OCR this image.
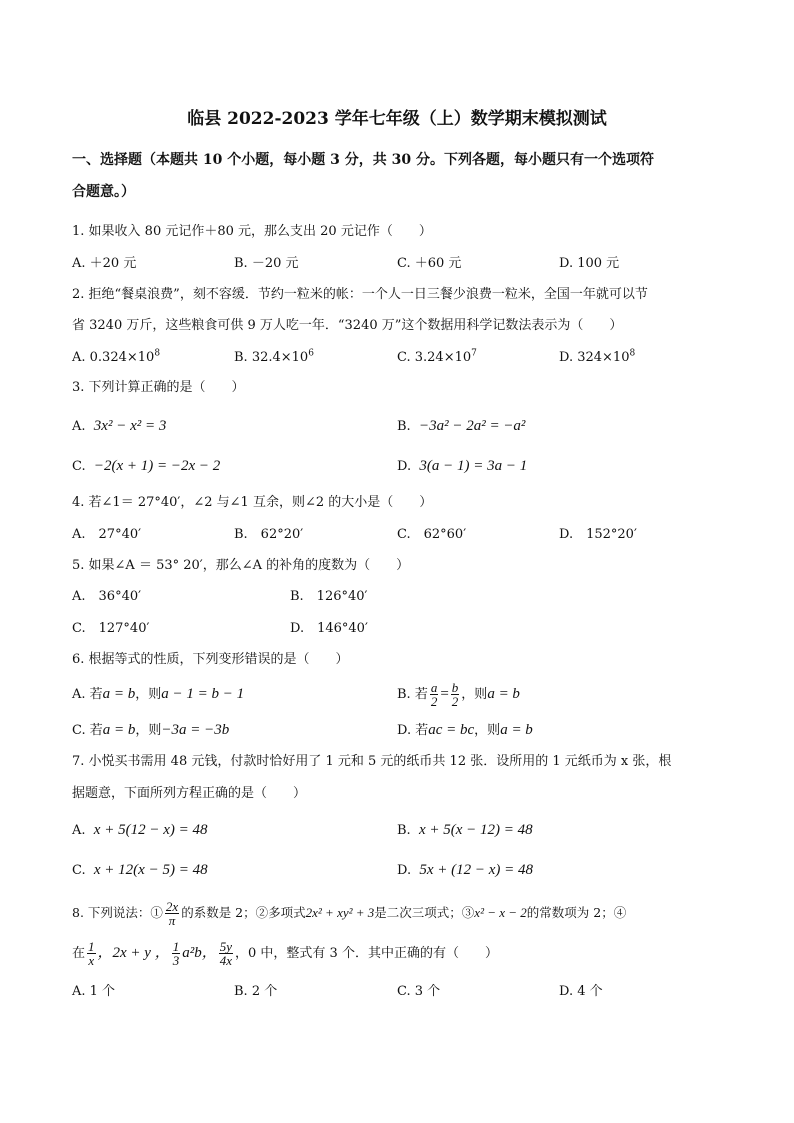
临县 2022-2023 学年七年级（上）数学期末模拟测试
一、选择题（本题共 10 个小题，每小题 3 分，共 30 分。下列各题，每小题只有一个选项符
合题意。）
1. 如果收入 80 元记作＋80 元，那么支出 20 元记作（　　）
A. ＋20 元	B. －20 元	C. ＋60 元	D. 100 元
2. 拒绝“餐桌浪费”，刻不容缓．节约一粒米的帐：一个人一日三餐少浪费一粒米，全国一年就可以节
省 3240 万斤，这些粮食可供 9 万人吃一年．“3240 万”这个数据用科学记数法表示为（　　）
A. $0.324\times 10^8$	B. $32.4\times 10^6$	C. $3.24\times 10^7$	D. $324\times 10^8$
3. 下列计算正确的是（　　）
A. 3x² − x² = 3	B. −3a² − 2a² = −a²
C. −2(x + 1) = −2x − 2	D. 3(a − 1) = 3a − 1
4. 若∠1＝ 27°40′，∠2 与∠1 互余，则∠2 的大小是（　　）
A.　27°40′	B.　62°20′	C.　62°60′	D.　152°20′
5. 如果∠A ＝ 53° 20′，那么∠A 的补角的度数为（　　）
A.　36°40′	B.　126°40′
C.　127°40′	D.　146°40′
6. 根据等式的性质，下列变形错误的是（　　）
A. 若a = b，则a − 1 = b − 1	B. 若 $\frac{a}{2} = \frac{b}{2}$ ，则a = b
C. 若a = b，则−3a = −3b	D. 若ac = bc，则a = b
7. 小悦买书需用 48 元钱，付款时恰好用了 1 元和 5 元的纸币共 12 张．设所用的 1 元纸币为 x 张，根
据题意，下面所列方程正确的是（　　）
A. x + 5(12 − x) = 48	B. x + 5(x − 12) = 48
C. x + 12(x − 5) = 48	D. 5x + (12 − x) = 48
8. 下列说法：① $\frac{2x}{\pi}$ 的系数是 2；②多项式2x² + xy² + 3是二次三项式；③x² − x − 2的常数项为 2；④
在 $\frac{1}{x}$ ，2x + y ， $\frac{1}{3} a^2b$， $\frac{5y}{4x}$ ，0 中，整式有 3 个．其中正确的有（　　）
A. 1 个	B. 2 个	C. 3 个	D. 4 个
